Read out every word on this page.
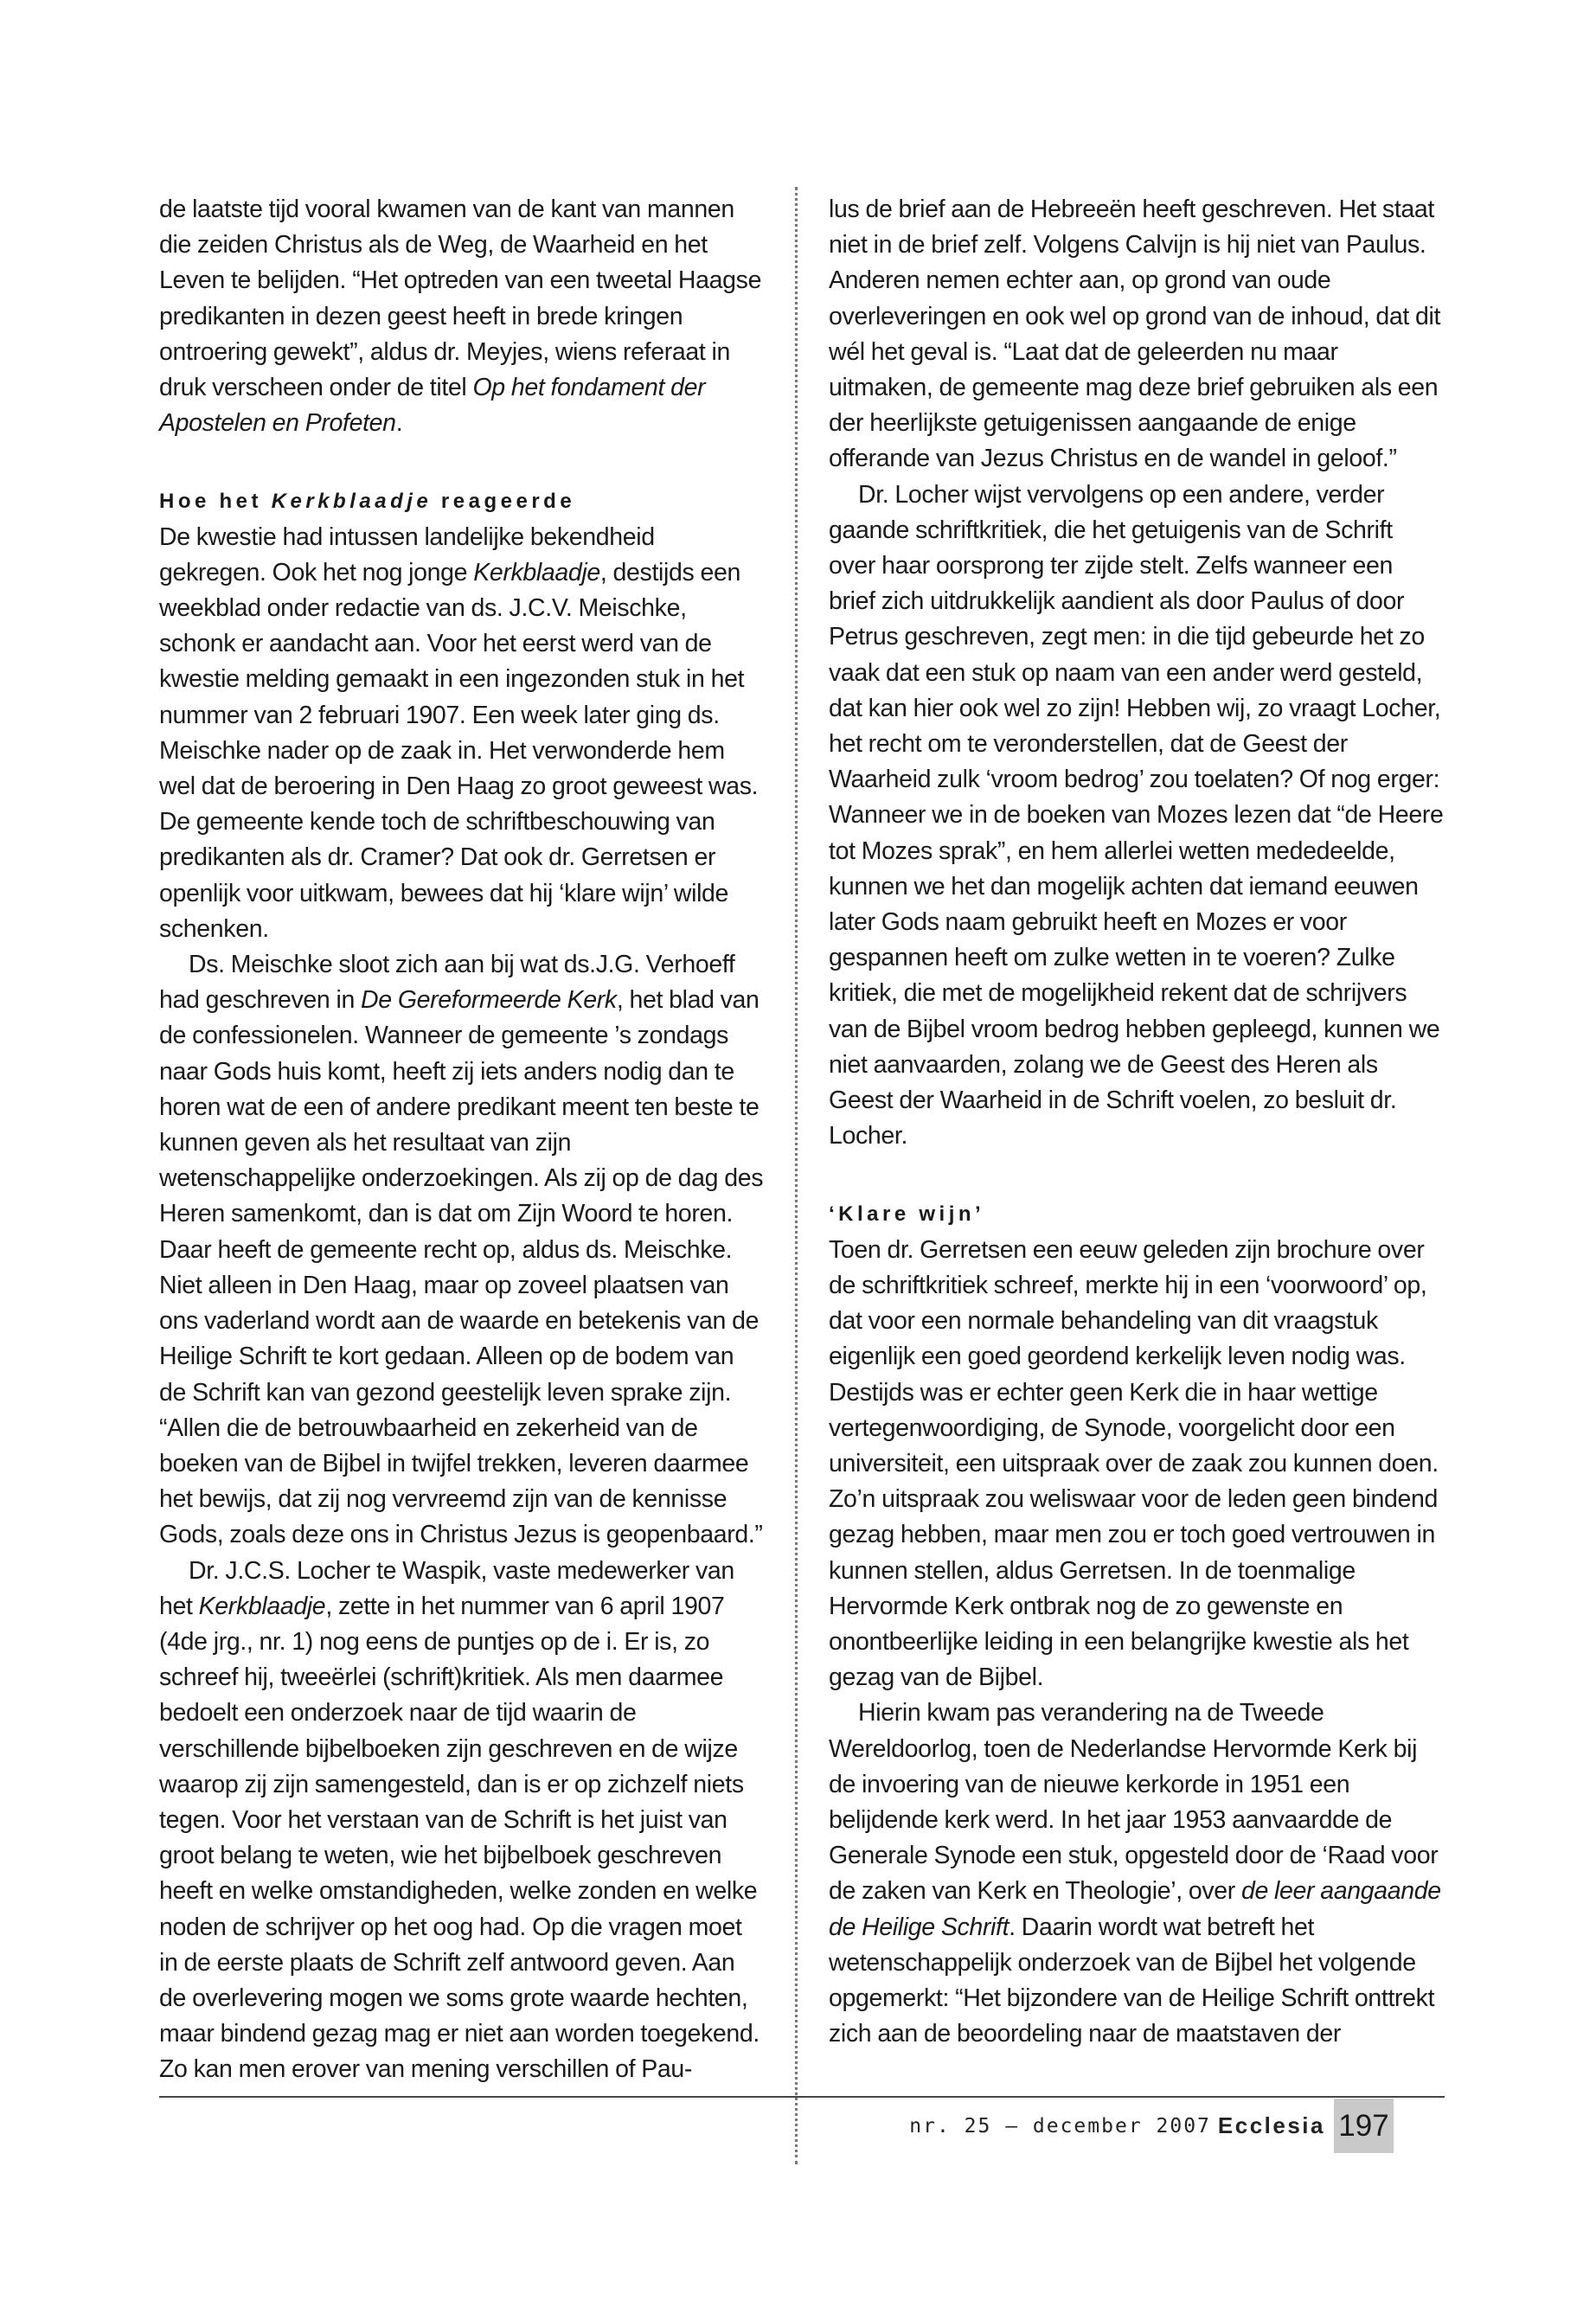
de laatste tijd vooral kwamen van de kant van mannen die zeiden Christus als de Weg, de Waarheid en het Leven te belijden. “Het optreden van een tweetal Haagse predikanten in dezen geest heeft in brede kringen ontroering gewekt”, aldus dr. Meyjes, wiens referaat in druk verscheen onder de titel Op het fondament der Apostelen en Profeten.

Hoe het Kerkblaadje reageerde

De kwestie had intussen landelijke bekendheid gekregen. Ook het nog jonge Kerkblaadje, destijds een weekblad onder redactie van ds. J.C.V. Meischke, schonk er aandacht aan. Voor het eerst werd van de kwestie melding gemaakt in een ingezonden stuk in het nummer van 2 februari 1907. Een week later ging ds. Meischke nader op de zaak in. Het verwonderde hem wel dat de beroering in Den Haag zo groot geweest was. De gemeente kende toch de schriftbeschouwing van predikanten als dr. Cramer? Dat ook dr. Gerretsen er openlijk voor uitkwam, bewees dat hij ‘klare wijn’ wilde schenken.

Ds. Meischke sloot zich aan bij wat ds.J.G. Verhoeff had geschreven in De Gereformeerde Kerk, het blad van de confessionelen. Wanneer de gemeente ’s zondags naar Gods huis komt, heeft zij iets anders nodig dan te horen wat de een of andere predikant meent ten beste te kunnen geven als het resultaat van zijn wetenschappelijke onderzoekingen. Als zij op de dag des Heren samenkomt, dan is dat om Zijn Woord te horen. Daar heeft de gemeente recht op, aldus ds. Meischke. Niet alleen in Den Haag, maar op zoveel plaatsen van ons vaderland wordt aan de waarde en betekenis van de Heilige Schrift te kort gedaan. Alleen op de bodem van de Schrift kan van gezond geestelijk leven sprake zijn. “Allen die de betrouwbaarheid en zekerheid van de boeken van de Bijbel in twijfel trekken, leveren daarmee het bewijs, dat zij nog vervreemd zijn van de kennisse Gods, zoals deze ons in Christus Jezus is geopenbaard.”

Dr. J.C.S. Locher te Waspik, vaste medewerker van het Kerkblaadje, zette in het nummer van 6 april 1907 (4de jrg., nr. 1) nog eens de puntjes op de i. Er is, zo schreef hij, tweeërlei (schrift)kritiek. Als men daarmee bedoelt een onderzoek naar de tijd waarin de verschillende bijbelboeken zijn geschreven en de wijze waarop zij zijn samengesteld, dan is er op zichzelf niets tegen. Voor het verstaan van de Schrift is het juist van groot belang te weten, wie het bijbelboek geschreven heeft en welke omstandigheden, welke zonden en welke noden de schrijver op het oog had. Op die vragen moet in de eerste plaats de Schrift zelf antwoord geven. Aan de overlevering mogen we soms grote waarde hechten, maar bindend gezag mag er niet aan worden toegekend. Zo kan men erover van mening verschillen of Pau-

lus de brief aan de Hebreeën heeft geschreven. Het staat niet in de brief zelf. Volgens Calvijn is hij niet van Paulus. Anderen nemen echter aan, op grond van oude overleveringen en ook wel op grond van de inhoud, dat dit wél het geval is. “Laat dat de geleerden nu maar uitmaken, de gemeente mag deze brief gebruiken als een der heerlijkste getuigenissen aangaande de enige offerande van Jezus Christus en de wandel in geloof.”

Dr. Locher wijst vervolgens op een andere, verder gaande schriftkritiek, die het getuigenis van de Schrift over haar oorsprong ter zijde stelt. Zelfs wanneer een brief zich uitdrukkelijk aandient als door Paulus of door Petrus geschreven, zegt men: in die tijd gebeurde het zo vaak dat een stuk op naam van een ander werd gesteld, dat kan hier ook wel zo zijn! Hebben wij, zo vraagt Locher, het recht om te veronderstellen, dat de Geest der Waarheid zulk ‘vroom bedrog’ zou toelaten? Of nog erger: Wanneer we in de boeken van Mozes lezen dat “de Heere tot Mozes sprak”, en hem allerlei wetten mededeelde, kunnen we het dan mogelijk achten dat iemand eeuwen later Gods naam gebruikt heeft en Mozes er voor gespannen heeft om zulke wetten in te voeren? Zulke kritiek, die met de mogelijkheid rekent dat de schrijvers van de Bijbel vroom bedrog hebben gepleegd, kunnen we niet aanvaarden, zolang we de Geest des Heren als Geest der Waarheid in de Schrift voelen, zo besluit dr. Locher.

‘Klare wijn’

Toen dr. Gerretsen een eeuw geleden zijn brochure over de schriftkritiek schreef, merkte hij in een ‘voorwoord’ op, dat voor een normale behandeling van dit vraagstuk eigenlijk een goed geordend kerkelijk leven nodig was. Destijds was er echter geen Kerk die in haar wettige vertegenwoordiging, de Synode, voorgelicht door een universiteit, een uitspraak over de zaak zou kunnen doen. Zo’n uitspraak zou weliswaar voor de leden geen bindend gezag hebben, maar men zou er toch goed vertrouwen in kunnen stellen, aldus Gerretsen. In de toenmalige Hervormde Kerk ontbrak nog de zo gewenste en onontbeerlijke leiding in een belangrijke kwestie als het gezag van de Bijbel.

Hierin kwam pas verandering na de Tweede Wereldoorlog, toen de Nederlandse Hervormde Kerk bij de invoering van de nieuwe kerkorde in 1951 een belijdende kerk werd. In het jaar 1953 aanvaardde de Generale Synode een stuk, opgesteld door de ‘Raad voor de zaken van Kerk en Theologie’, over de leer aangaande de Heilige Schrift. Daarin wordt wat betreft het wetenschappelijk onderzoek van de Bijbel het volgende opgemerkt: “Het bijzondere van de Heilige Schrift onttrekt zich aan de beoordeling naar de maatstaven der

nr. 25 — december 2007 Ecclesia 197
